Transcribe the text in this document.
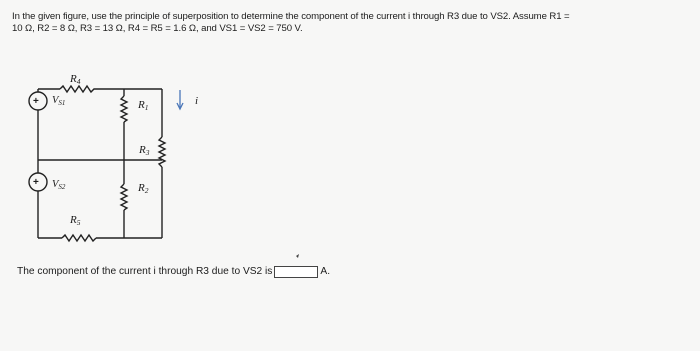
In the given figure, use the principle of superposition to determine the component of the current i through R3 due to VS2. Assume R1 =

10 Ω, R2 = 8 Ω, R3 = 13 Ω, R4 = R5 = 1.6 Ω, and VS1 = VS2 = 750 V.

R4
+ VS1	R1
i
R3
+ VS2	R2
R5
The component of the current i through R3 due to VS2 is	A.
